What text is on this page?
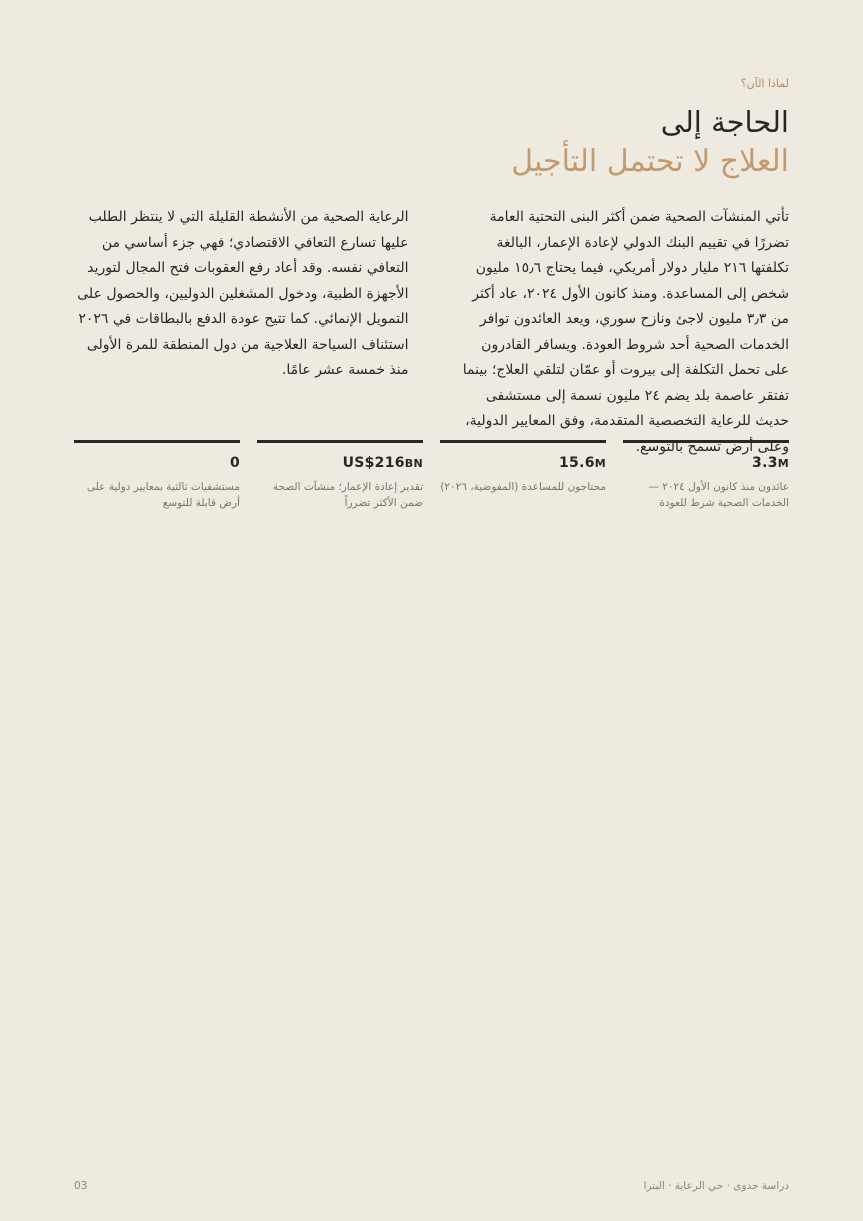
لماذا الآن؟
الحاجة إلى
العلاج لا تحتمل التأجيل

تأتي المنشآت الصحية ضمن أكثر البنى التحتية العامة تضررًا في تقييم البنك الدولي لإعادة الإعمار، البالغة تكلفتها ٢١٦ مليار دولار أمريكي، فيما يحتاج ١٥٫٦ مليون شخص إلى المساعدة. ومنذ كانون الأول ٢٠٢٤، عاد أكثر من ٣٫٣ مليون لاجئ ونازح سوري، ويعد العائدون توافر الخدمات الصحية أحد شروط العودة. ويسافر القادرون على تحمل التكلفة إلى بيروت أو عمّان لتلقي العلاج؛ بينما تفتقر عاصمة بلد يضم ٢٤ مليون نسمة إلى مستشفى حديث للرعاية التخصصية المتقدمة، وفق المعايير الدولية، وعلى أرض تسمح بالتوسع.

الرعاية الصحية من الأنشطة القليلة التي لا ينتظر الطلب عليها تسارع التعافي الاقتصادي؛ فهي جزء أساسي من التعافي نفسه. وقد أعاد رفع العقوبات فتح المجال لتوريد الأجهزة الطبية، ودخول المشغلين الدوليين، والحصول على التمويل الإنمائي. كما تتيح عودة الدفع بالبطاقات في ٢٠٢٦ استئناف السياحة العلاجية من دول المنطقة للمرة الأولى منذ خمسة عشر عامًا.

3.3M
عائدون منذ كانون الأول ٢٠٢٤ — الخدمات الصحية شرط للعودة
15.6M
محتاجون للمساعدة (المفوضية، ٢٠٢٦)
US$216BN
تقدير إعادة الإعمار؛ منشآت الصحة ضمن الأكثر تضرراً
0
مستشفيات ثالثية بمعايير دولية على أرض قابلة للتوسع
دراسة جدوى · حي الرعاية · البترا
03
